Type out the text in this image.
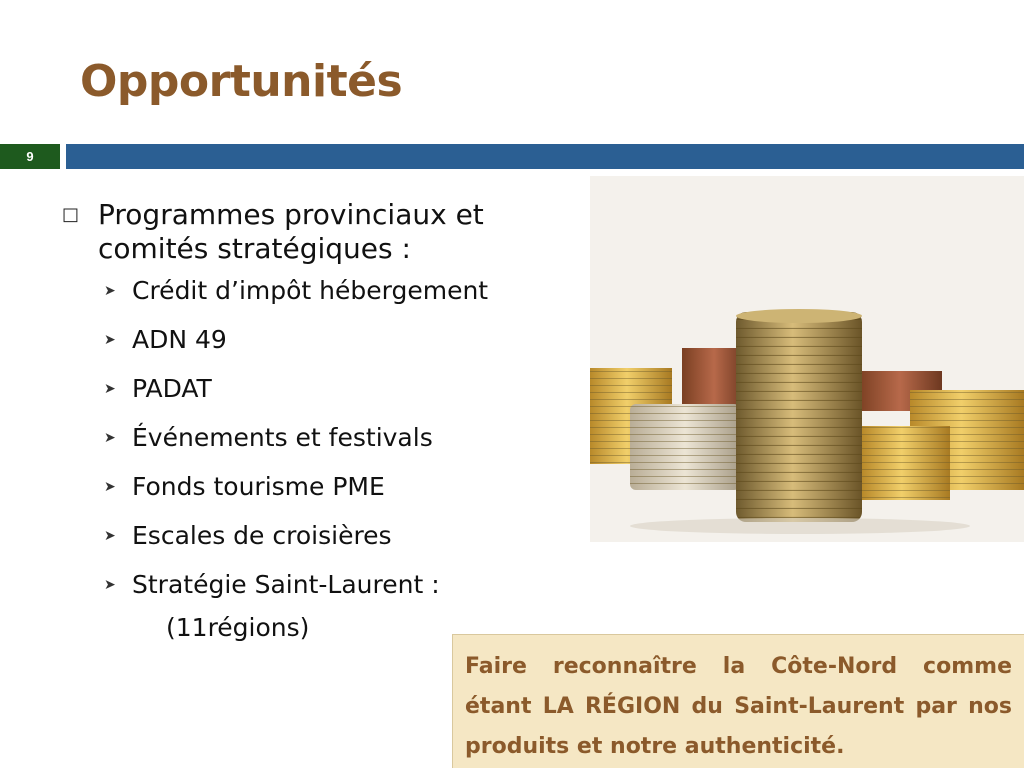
Opportunités
9
□ Programmes provinciaux et comités stratégiques :
➤ Crédit d’impôt hébergement
➤ ADN 49
➤ PADAT
➤ Événements et festivals
➤ Fonds tourisme PME
➤ Escales de croisières
➤ Stratégie Saint-Laurent :
(11régions)
Faire reconnaître la Côte-Nord comme étant LA RÉGION du Saint-Laurent par nos produits et notre authenticité.
